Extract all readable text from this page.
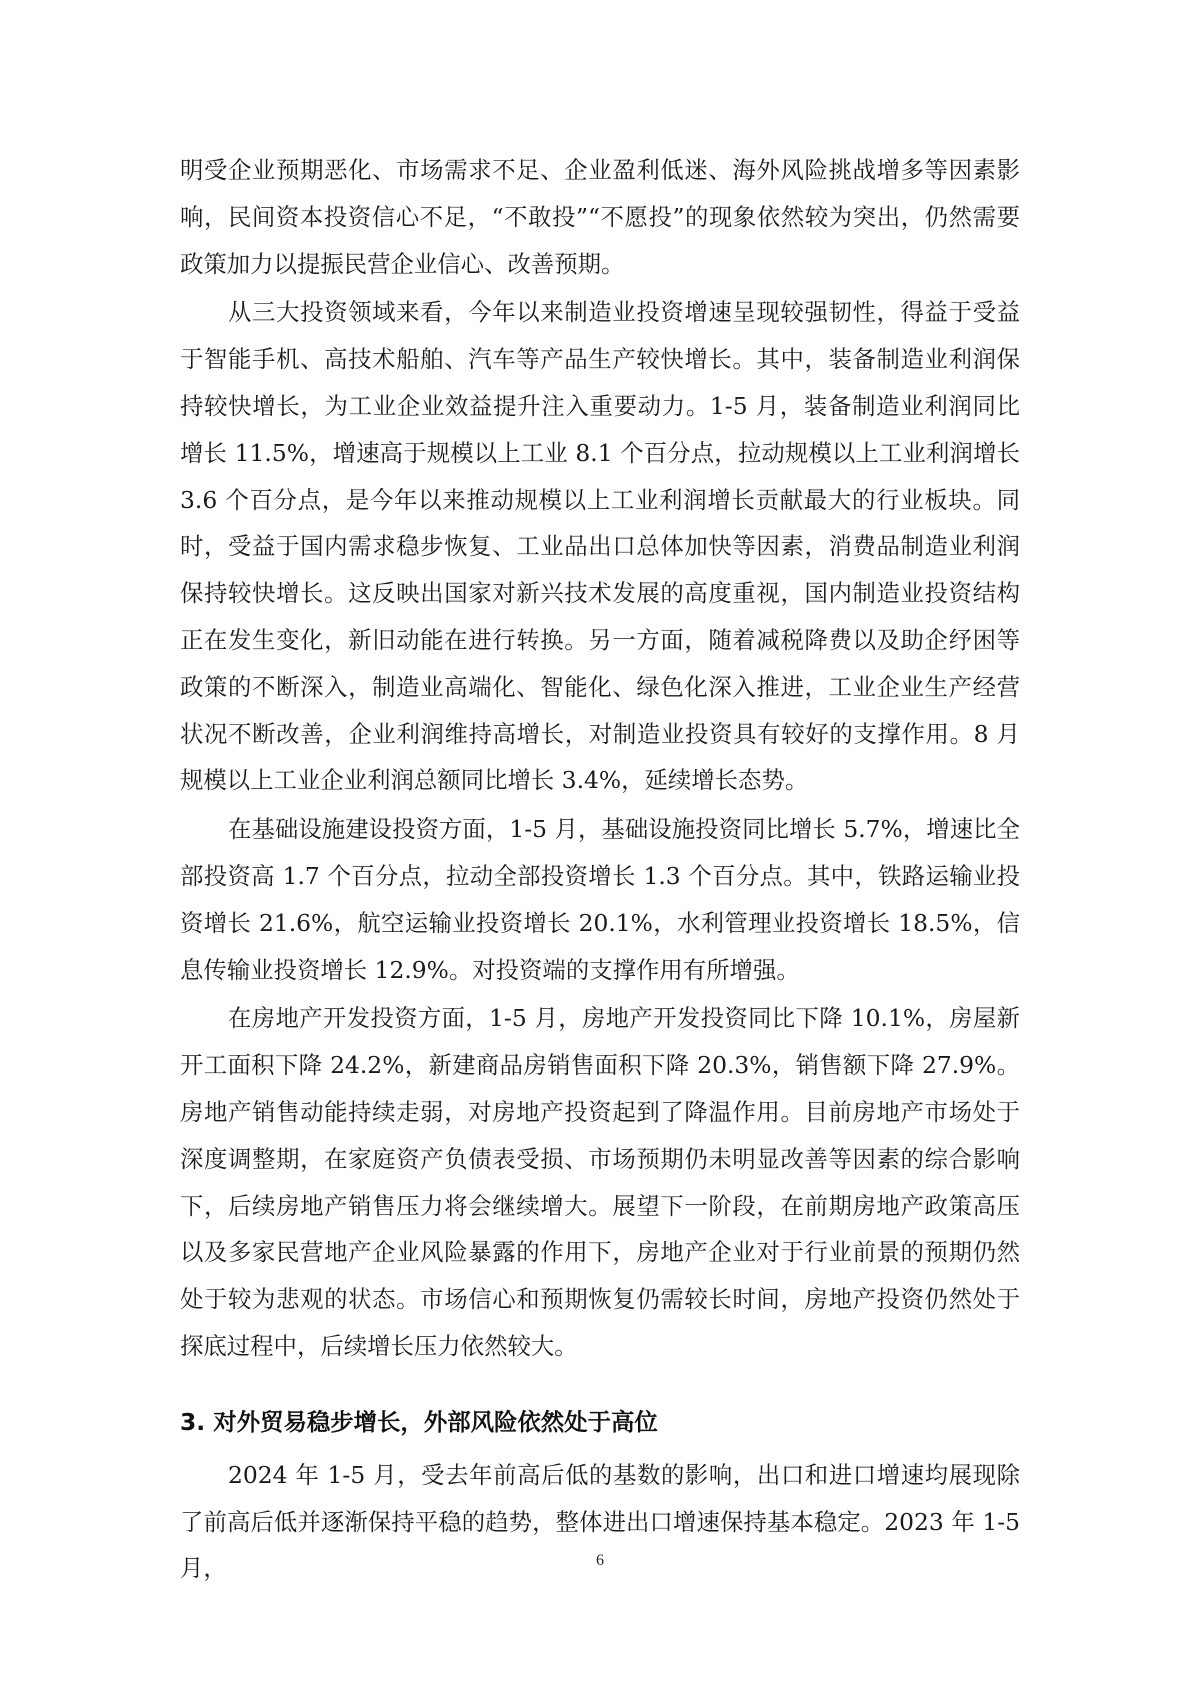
明受企业预期恶化、市场需求不足、企业盈利低迷、海外风险挑战增多等因素影响，民间资本投资信心不足，“不敢投”“不愿投”的现象依然较为突出，仍然需要政策加力以提振民营企业信心、改善预期。

从三大投资领域来看，今年以来制造业投资增速呈现较强韧性，得益于受益于智能手机、高技术船舶、汽车等产品生产较快增长。其中，装备制造业利润保持较快增长，为工业企业效益提升注入重要动力。1-5 月，装备制造业利润同比增长 11.5%，增速高于规模以上工业 8.1 个百分点，拉动规模以上工业利润增长 3.6 个百分点，是今年以来推动规模以上工业利润增长贡献最大的行业板块。同时，受益于国内需求稳步恢复、工业品出口总体加快等因素，消费品制造业利润保持较快增长。这反映出国家对新兴技术发展的高度重视，国内制造业投资结构正在发生变化，新旧动能在进行转换。另一方面，随着减税降费以及助企纾困等政策的不断深入，制造业高端化、智能化、绿色化深入推进，工业企业生产经营状况不断改善，企业利润维持高增长，对制造业投资具有较好的支撑作用。8 月规模以上工业企业利润总额同比增长 3.4%，延续增长态势。

在基础设施建设投资方面，1-5 月，基础设施投资同比增长 5.7%，增速比全部投资高 1.7 个百分点，拉动全部投资增长 1.3 个百分点。其中，铁路运输业投资增长 21.6%，航空运输业投资增长 20.1%，水利管理业投资增长 18.5%，信息传输业投资增长 12.9%。对投资端的支撑作用有所增强。

在房地产开发投资方面，1-5 月，房地产开发投资同比下降 10.1%，房屋新开工面积下降 24.2%，新建商品房销售面积下降 20.3%，销售额下降 27.9%。房地产销售动能持续走弱，对房地产投资起到了降温作用。目前房地产市场处于深度调整期，在家庭资产负债表受损、市场预期仍未明显改善等因素的综合影响下，后续房地产销售压力将会继续增大。展望下一阶段，在前期房地产政策高压以及多家民营地产企业风险暴露的作用下，房地产企业对于行业前景的预期仍然处于较为悲观的状态。市场信心和预期恢复仍需较长时间，房地产投资仍然处于探底过程中，后续增长压力依然较大。

3. 对外贸易稳步增长，外部风险依然处于高位

2024 年 1-5 月，受去年前高后低的基数的影响，出口和进口增速均展现除了前高后低并逐渐保持平稳的趋势，整体进出口增速保持基本稳定。2023 年 1-5 月，	6
